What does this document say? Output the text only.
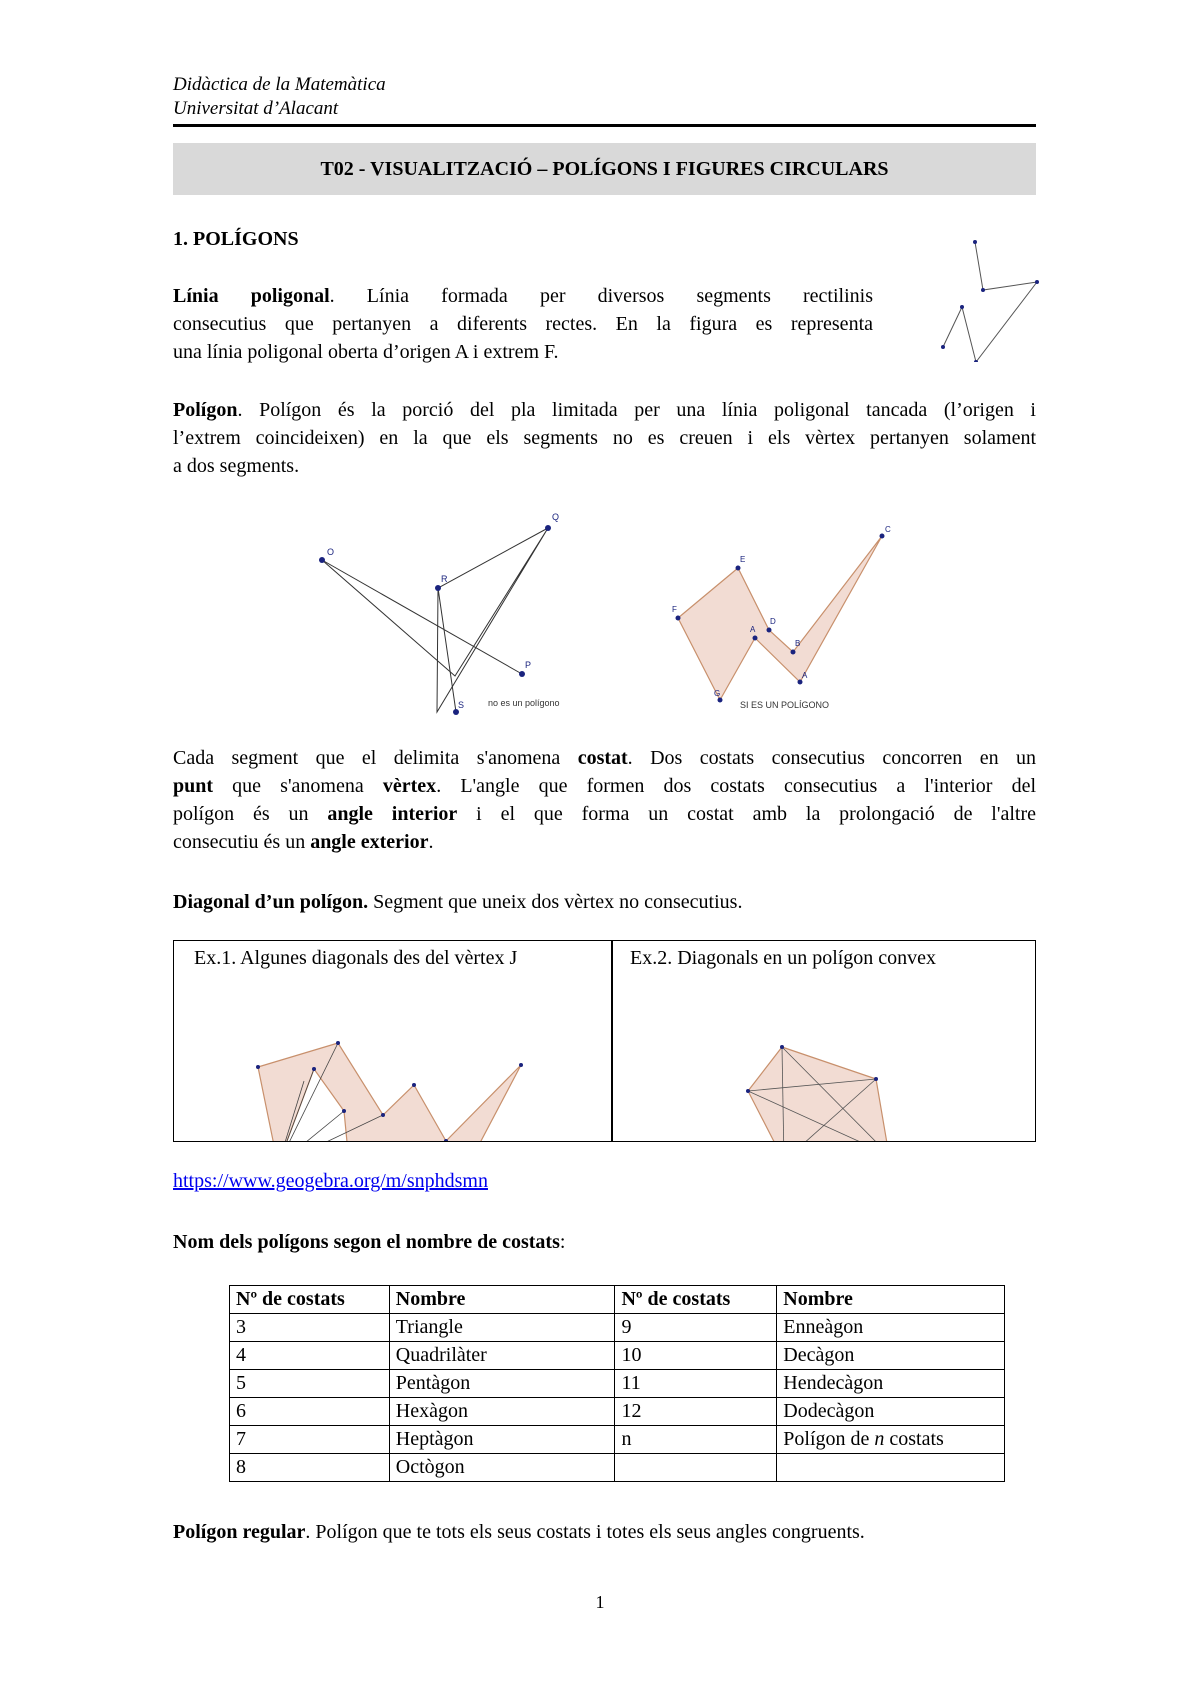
Didàctica de la Matemàtica
Universitat d’Alacant
T02 - VISUALITZACIÓ – POLÍGONS I FIGURES CIRCULARS
1. POLÍGONS
Línia poligonal. Línia formada per diversos segments rectilinis
consecutius que pertanyen a diferents rectes. En la figura es representa
una línia poligonal oberta d’origen A i extrem F.
Polígon. Polígon és la porció del pla limitada per una línia poligonal tancada (l’origen i
l’extrem coincideixen) en la que els segments no es creuen i els vèrtex pertanyen solament
a dos segments.
O
Q
R
P
S	no es un polígono
F
E
D
B
C
A
A
G
SI ES UN POLÍGONO
Cada segment que el delimita s'anomena costat. Dos costats consecutius concorren en un
punt que s'anomena vèrtex. L'angle que formen dos costats consecutius a l'interior del
polígon és un angle interior i el que forma un costat amb la prolongació de l'altre
consecutiu és un angle exterior.
Diagonal d’un polígon. Segment que uneix dos vèrtex no consecutius.
Ex.1. Algunes diagonals des del vèrtex J	Ex.2. Diagonals en un polígon convex
https://www.geogebra.org/m/snphdsmn
Nom dels polígons segon el nombre de costats:
Nº de costats	Nombre	Nº de costats	Nombre
3	Triangle	9	Enneàgon
4	Quadrilàter	10	Decàgon
5	Pentàgon	11	Hendecàgon
6	Hexàgon	12	Dodecàgon
7	Heptàgon	n	Polígon de n costats
8	Octògon		
Polígon regular. Polígon que te tots els seus costats i totes els seus angles congruents.
1
